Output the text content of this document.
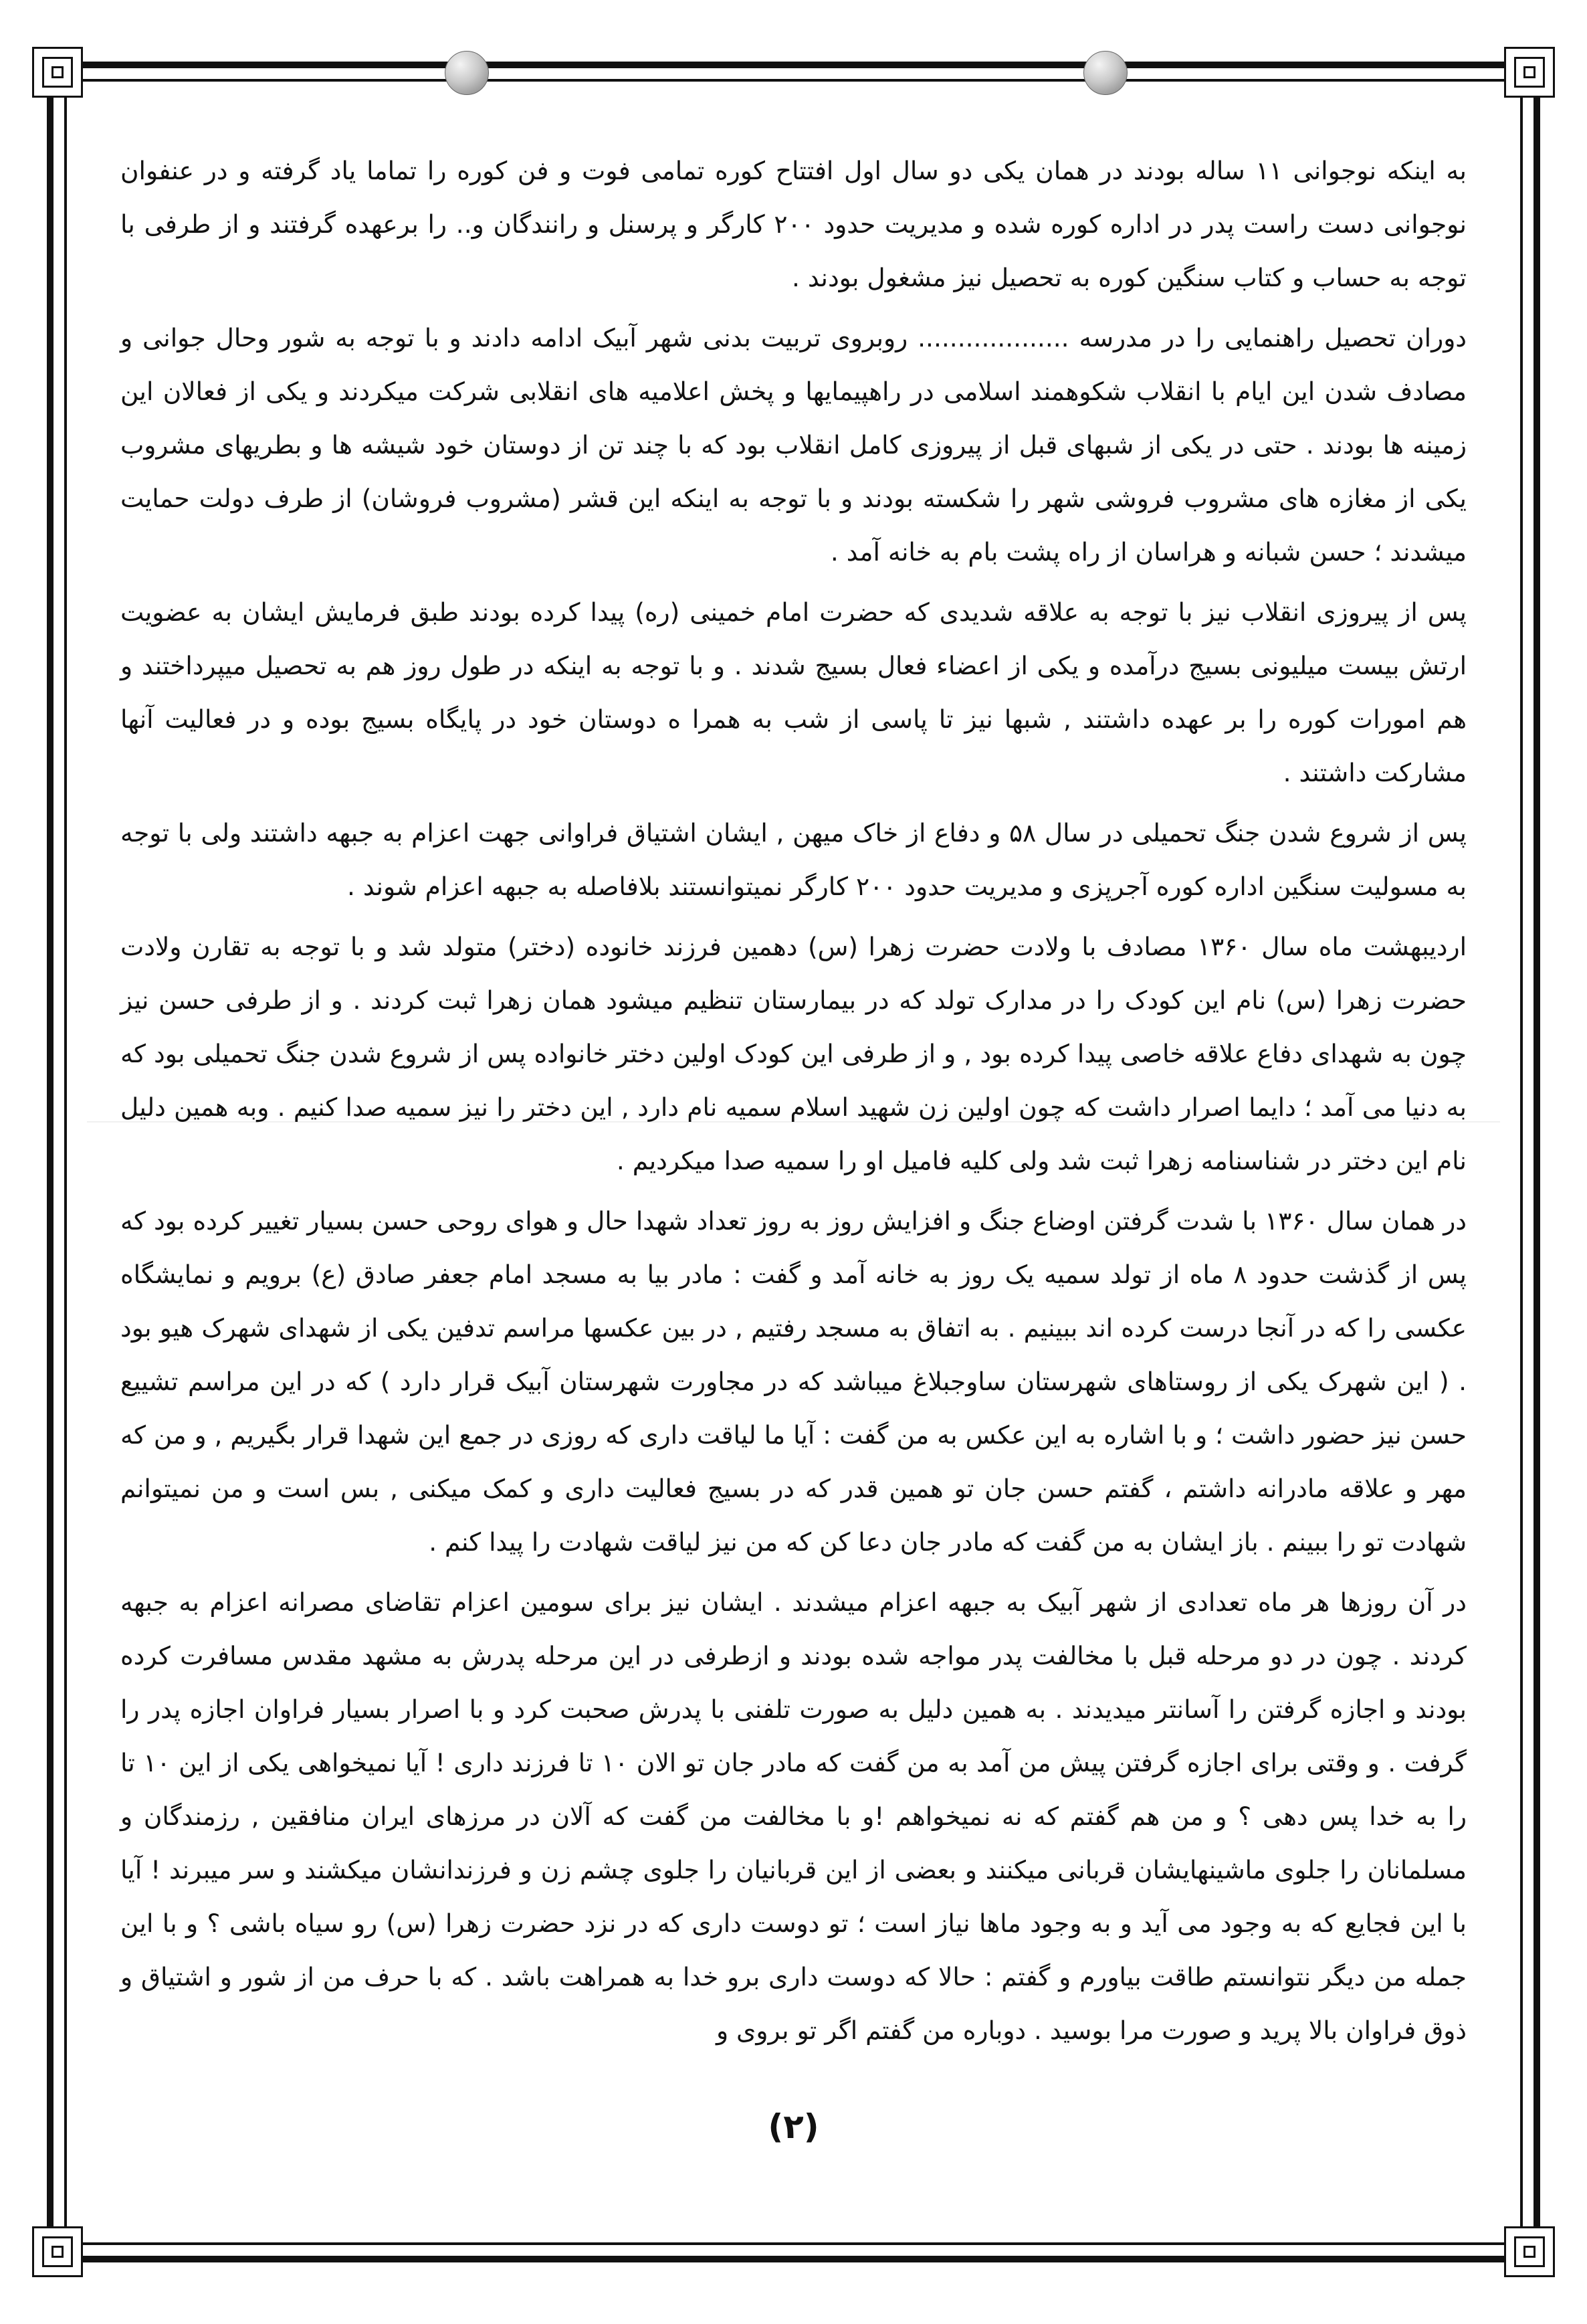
به اینکه نوجوانی ۱۱ ساله بودند در همان یکی دو سال اول افتتاح کوره تمامی فوت و فن کوره را تماما یاد گرفته و در عنفوان نوجوانی دست راست پدر در اداره کوره شده و مدیریت حدود ۲۰۰ کارگر و پرسنل و رانندگان و.. را برعهده گرفتند و از طرفی با توجه به حساب و کتاب سنگین کوره به تحصیل نیز مشغول بودند .

دوران تحصیل راهنمایی را در مدرسه ................... روبروی تربیت بدنی شهر آبیک ادامه دادند و با توجه به شور وحال جوانی و مصادف شدن این ایام با انقلاب شکوهمند اسلامی در راهپیمایها و پخش اعلامیه های انقلابی شرکت میکردند و یکی از فعالان این زمینه ها بودند . حتی در یکی از شبهای قبل از پیروزی کامل انقلاب بود که با چند تن از دوستان خود شیشه ها و بطریهای مشروب یکی از مغازه های مشروب فروشی شهر را شکسته بودند و با توجه به اینکه این قشر (مشروب فروشان) از طرف دولت حمایت میشدند ؛ حسن شبانه و هراسان از راه پشت بام به خانه آمد .

پس از پیروزی انقلاب نیز با توجه به علاقه شدیدی که حضرت امام خمینی (ره) پیدا کرده بودند طبق فرمایش ایشان به عضویت ارتش بیست میلیونی بسیج درآمده و یکی از اعضاء فعال بسیج شدند . و با توجه به اینکه در طول روز هم به تحصیل میپرداختند و هم امورات کوره را بر عهده داشتند , شبها نیز تا پاسی از شب به همرا ه دوستان خود در پایگاه بسیج بوده و در فعالیت آنها مشارکت داشتند .

پس از شروع شدن جنگ تحمیلی در سال ۵۸ و دفاع از خاک میهن , ایشان اشتیاق فراوانی جهت اعزام به جبهه داشتند ولی با توجه به مسولیت سنگین اداره کوره آجرپزی و مدیریت حدود ۲۰۰ کارگر نمیتوانستند بلافاصله به جبهه اعزام شوند .

اردیبهشت ماه سال ۱۳۶۰ مصادف با ولادت حضرت زهرا (س) دهمین فرزند خانوده (دختر) متولد شد و با توجه به تقارن ولادت حضرت زهرا (س) نام این کودک را در مدارک تولد که در بیمارستان تنظیم میشود همان زهرا ثبت کردند . و از طرفی حسن نیز چون به شهدای دفاع علاقه خاصی پیدا کرده بود , و از طرفی این کودک اولین دختر خانواده پس از شروع شدن جنگ تحمیلی بود که به دنیا می آمد ؛ دایما اصرار داشت که چون اولین زن شهید اسلام سمیه نام دارد , این دختر را نیز سمیه صدا کنیم . وبه همین دلیل نام این دختر در شناسنامه زهرا ثبت شد ولی کلیه فامیل او را سمیه صدا میکردیم .

در همان سال ۱۳۶۰ با شدت گرفتن اوضاع جنگ و افزایش روز به روز تعداد شهدا حال و هوای روحی حسن بسیار تغییر کرده بود که پس از گذشت حدود ۸ ماه از تولد سمیه یک روز به خانه آمد و گفت : مادر بیا به مسجد امام جعفر صادق (ع) برویم و نمایشگاه عکسی را که در آنجا درست کرده اند ببینیم . به اتفاق به مسجد رفتیم , در بین عکسها مراسم تدفین یکی از شهدای شهرک هیو بود . ( این شهرک یکی از روستاهای شهرستان ساوجبلاغ میباشد که در مجاورت شهرستان آبیک قرار دارد ) که در این مراسم تشییع حسن نیز حضور داشت ؛ و با اشاره به این عکس به من گفت : آیا ما لیاقت داری که روزی در جمع این شهدا قرار بگیریم , و من که مهر و علاقه مادرانه داشتم ، گفتم حسن جان تو همین قدر که در بسیج فعالیت داری و کمک میکنی , بس است و من نمیتوانم شهادت تو را ببینم . باز ایشان به من گفت که مادر جان دعا کن که من نیز لیاقت شهادت را پیدا کنم .

در آن روزها هر ماه تعدادی از شهر آبیک به جبهه اعزام میشدند . ایشان نیز برای سومین اعزام تقاضای مصرانه اعزام به جبهه کردند . چون در دو مرحله قبل با مخالفت پدر مواجه شده بودند و ازطرفی در این مرحله پدرش به مشهد مقدس مسافرت کرده بودند و اجازه گرفتن را آسانتر میدیدند . به همین دلیل به صورت تلفنی با پدرش صحبت کرد و با اصرار بسیار فراوان اجازه پدر را گرفت . و وقتی برای اجازه گرفتن پیش من آمد به من گفت که مادر جان تو الان ۱۰ تا فرزند داری ! آیا نمیخواهی یکی از این ۱۰ تا را به خدا پس دهی ؟ و من هم گفتم که نه نمیخواهم !و با مخالفت من گفت که آلان در مرزهای ایران منافقین , رزمندگان و مسلمانان را جلوی ماشینهایشان قربانی میکنند و بعضی از این قربانیان را جلوی چشم زن و فرزندانشان میکشند و سر میبرند ! آیا با این فجایع که به وجود می آید و به وجود ماها نیاز است ؛ تو دوست داری که در نزد حضرت زهرا (س) رو سیاه باشی ؟ و با این جمله من دیگر نتوانستم طاقت بیاورم و گفتم : حالا که دوست داری برو خدا به همراهت باشد . که با حرف من از شور و اشتیاق و ذوق فراوان بالا پرید و صورت مرا بوسید . دوباره من گفتم اگر تو بروی و

(۲)
